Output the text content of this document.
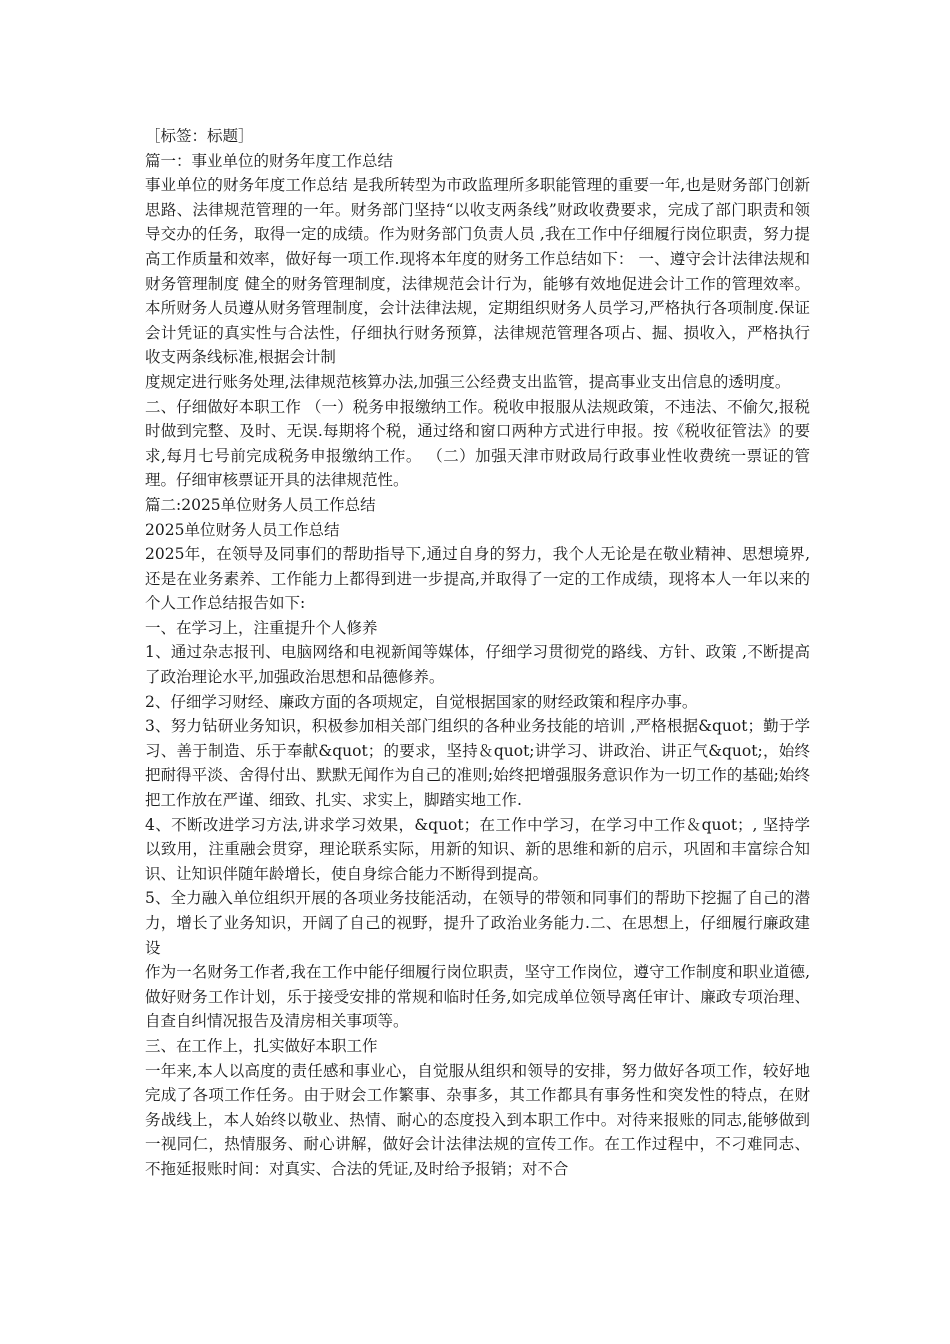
［标签：标题］

篇一：事业单位的财务年度工作总结

事业单位的财务年度工作总结 是我所转型为市政监理所多职能管理的重要一年,也是财务部门创新思路、法律规范管理的一年。财务部门坚持“以收支两条线”财政收费要求，完成了部门职责和领导交办的任务，取得一定的成绩。作为财务部门负责人员 ,我在工作中仔细履行岗位职责，努力提高工作质量和效率，做好每一项工作.现将本年度的财务工作总结如下： 一、遵守会计法律法规和财务管理制度 健全的财务管理制度，法律规范会计行为，能够有效地促进会计工作的管理效率。本所财务人员遵从财务管理制度，会计法律法规，定期组织财务人员学习,严格执行各项制度.保证会计凭证的真实性与合法性，仔细执行财务预算，法律规范管理各项占、掘、损收入，严格执行收支两条线标准,根据会计制

度规定进行账务处理,法律规范核算办法,加强三公经费支出监管，提高事业支出信息的透明度。

二、仔细做好本职工作 （一）税务申报缴纳工作。税收申报服从法规政策，不违法、不偷欠,报税时做到完整、及时、无误.每期将个税，通过络和窗口两种方式进行申报。按《税收征管法》的要求,每月七号前完成税务申报缴纳工作。 （二）加强天津市财政局行政事业性收费统一票证的管理。仔细审核票证开具的法律规范性。

篇二:2025单位财务人员工作总结

2025单位财务人员工作总结

2025年，在领导及同事们的帮助指导下,通过自身的努力，我个人无论是在敬业精神、思想境界,还是在业务素养、工作能力上都得到进一步提高,并取得了一定的工作成绩，现将本人一年以来的个人工作总结报告如下:

一、在学习上，注重提升个人修养

1、通过杂志报刊、电脑网络和电视新闻等媒体，仔细学习贯彻党的路线、方针、政策 ,不断提高了政治理论水平,加强政治思想和品德修养。

2、仔细学习财经、廉政方面的各项规定，自觉根据国家的财经政策和程序办事。

3、努力钻研业务知识，积极参加相关部门组织的各种业务技能的培训 ,严格根据&quot；勤于学习、善于制造、乐于奉献&quot；的要求，坚持＆quot;讲学习、讲政治、讲正气&quot;，始终把耐得平淡、舍得付出、默默无闻作为自己的准则;始终把增强服务意识作为一切工作的基础;始终把工作放在严谨、细致、扎实、求实上，脚踏实地工作.

4、不断改进学习方法,讲求学习效果，&quot；在工作中学习，在学习中工作＆quot；, 坚持学以致用，注重融会贯穿，理论联系实际，用新的知识、新的思维和新的启示，巩固和丰富综合知识、让知识伴随年龄增长，使自身综合能力不断得到提高。

5、全力融入单位组织开展的各项业务技能活动，在领导的带领和同事们的帮助下挖掘了自己的潜力，增长了业务知识，开阔了自己的视野，提升了政治业务能力.二、在思想上，仔细履行廉政建设

作为一名财务工作者,我在工作中能仔细履行岗位职责，坚守工作岗位，遵守工作制度和职业道德,做好财务工作计划，乐于接受安排的常规和临时任务,如完成单位领导离任审计、廉政专项治理、自查自纠情况报告及清房相关事项等。

三、在工作上，扎实做好本职工作

一年来,本人以高度的责任感和事业心，自觉服从组织和领导的安排，努力做好各项工作，较好地完成了各项工作任务。由于财会工作繁事、杂事多，其工作都具有事务性和突发性的特点，在财务战线上，本人始终以敬业、热情、耐心的态度投入到本职工作中。对待来报账的同志,能够做到一视同仁，热情服务、耐心讲解，做好会计法律法规的宣传工作。在工作过程中，不刁难同志、不拖延报账时间：对真实、合法的凭证,及时给予报销；对不合
